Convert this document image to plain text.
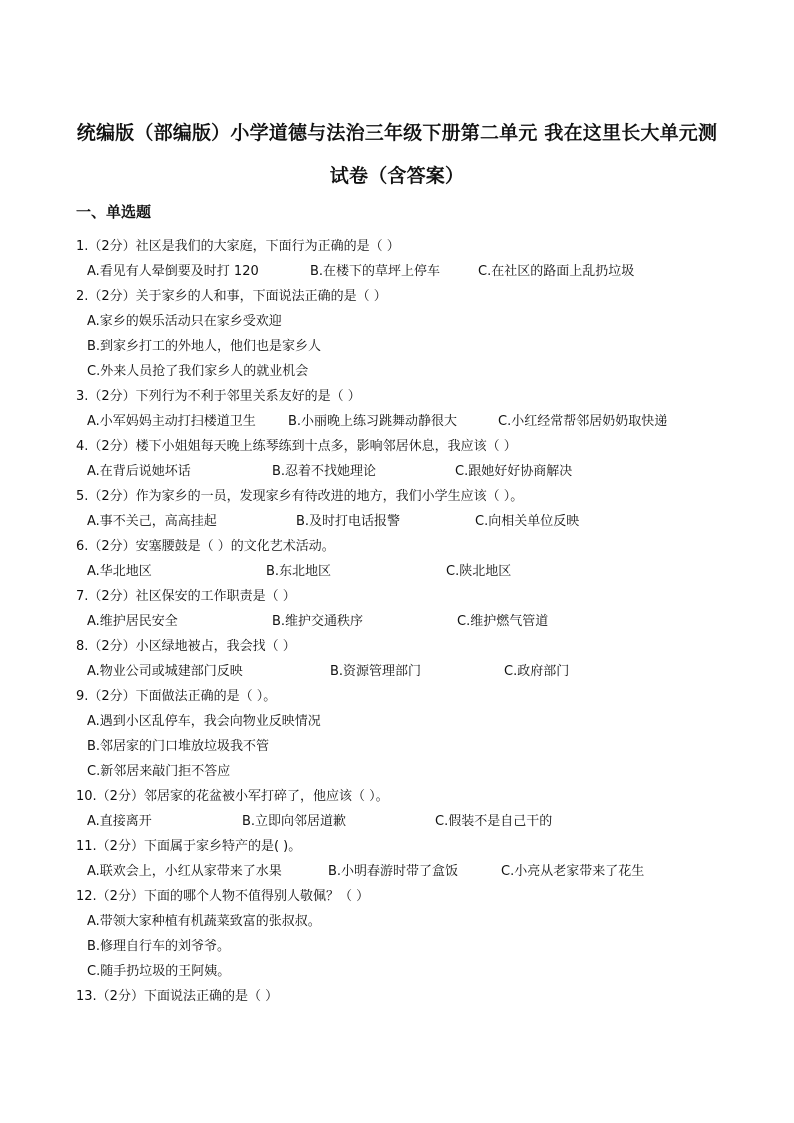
统编版（部编版）小学道德与法治三年级下册第二单元 我在这里长大单元测
试卷（含答案）
一、单选题
1.（2分）社区是我们的大家庭，下面行为正确的是（ ）
A.看见有人晕倒要及时打 120	B.在楼下的草坪上停车	C.在社区的路面上乱扔垃圾
2.（2分）关于家乡的人和事，下面说法正确的是（ ）
A.家乡的娱乐活动只在家乡受欢迎
B.到家乡打工的外地人，他们也是家乡人
C.外来人员抢了我们家乡人的就业机会
3.（2分）下列行为不利于邻里关系友好的是（ ）
A.小军妈妈主动打扫楼道卫生 B.小丽晚上练习跳舞动静很大	C.小红经常帮邻居奶奶取快递
4.（2分）楼下小姐姐每天晚上练琴练到十点多，影响邻居休息，我应该（ ）
A.在背后说她坏话	B.忍着不找她理论	C.跟她好好协商解决
5.（2分）作为家乡的一员，发现家乡有待改进的地方，我们小学生应该（ ）。
A.事不关己，高高挂起	B.及时打电话报警	C.向相关单位反映
6.（2分）安塞腰鼓是（ ）的文化艺术活动。
A.华北地区	B.东北地区	C.陕北地区
7.（2分）社区保安的工作职责是（ ）
A.维护居民安全	B.维护交通秩序	C.维护燃气管道
8.（2分）小区绿地被占，我会找（ ）
A.物业公司或城建部门反映	B.资源管理部门	C.政府部门
9.（2分）下面做法正确的是（ ）。
A.遇到小区乱停车，我会向物业反映情况
B.邻居家的门口堆放垃圾我不管
C.新邻居来敲门拒不答应
10.（2分）邻居家的花盆被小军打碎了，他应该（ ）。
A.直接离开	B.立即向邻居道歉	C.假装不是自己干的
11.（2分）下面属于家乡特产的是( )。
A.联欢会上，小红从家带来了水果	B.小明春游时带了盒饭	C.小亮从老家带来了花生
12.（2分）下面的哪个人物不值得别人敬佩？（ ）
A.带领大家种植有机蔬菜致富的张叔叔。
B.修理自行车的刘爷爷。
C.随手扔垃圾的王阿姨。
13.（2分）下面说法正确的是（ ）
